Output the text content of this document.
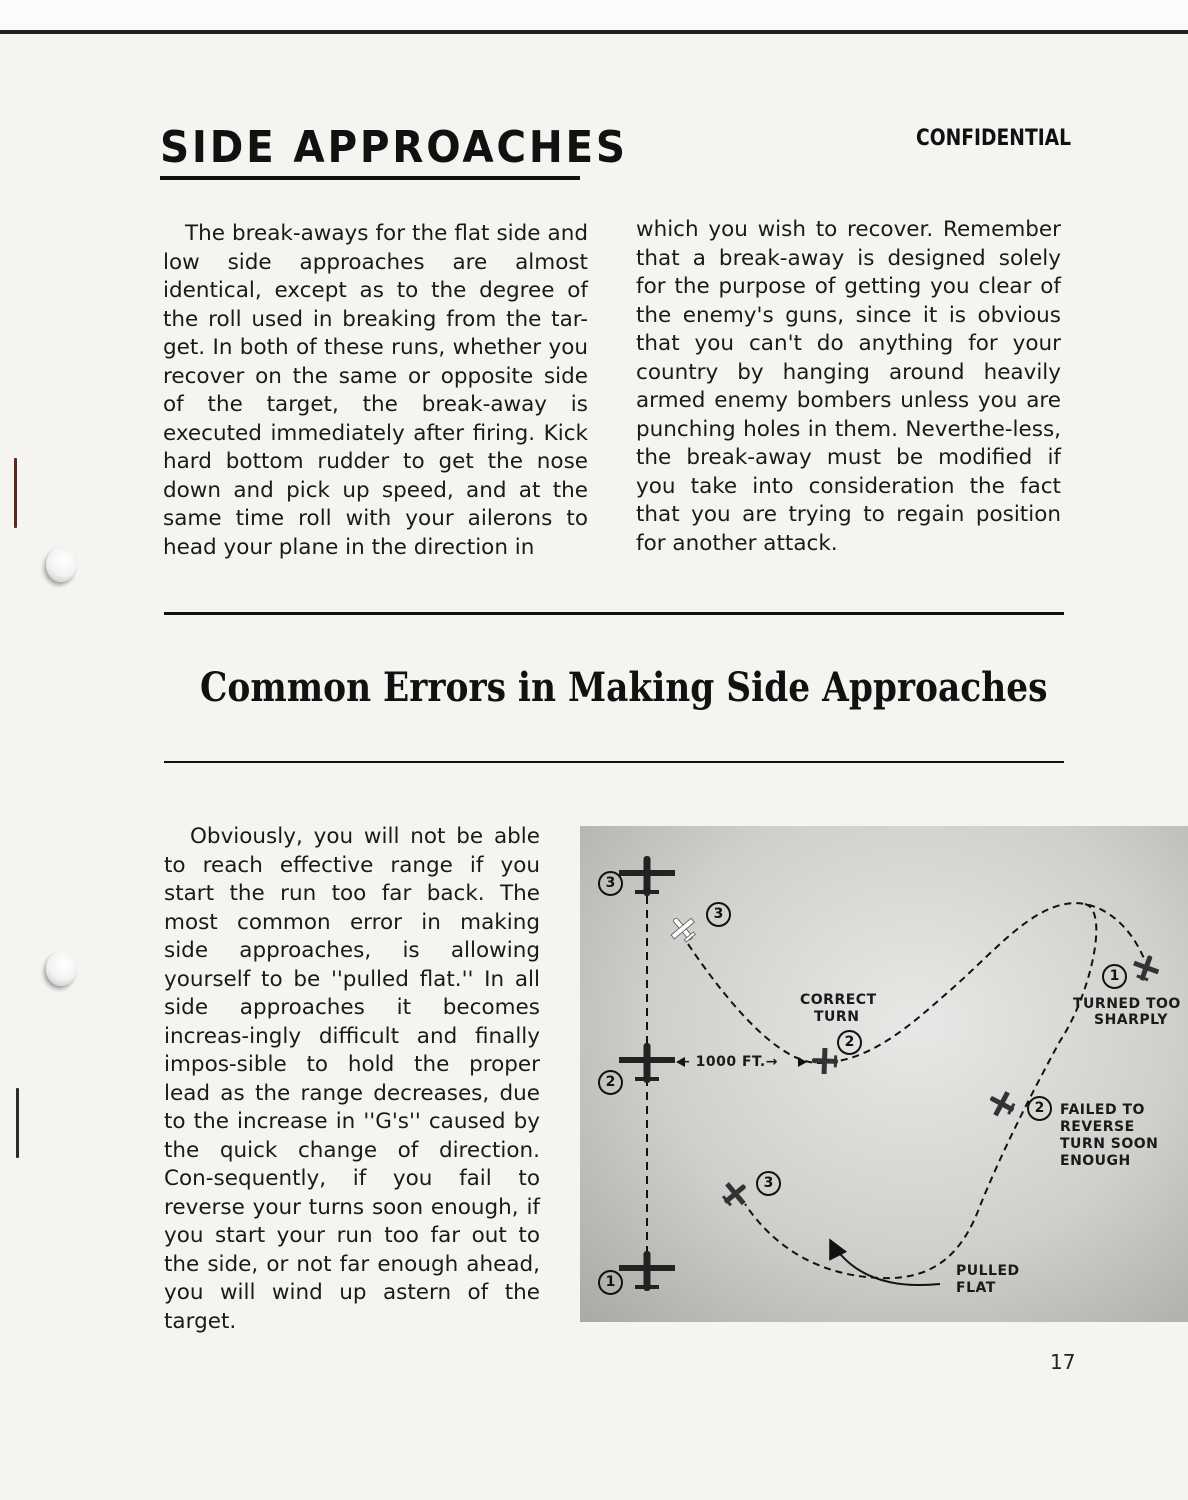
SIDE APPROACHES	CONFIDENTIAL

The break-aways for the flat side and low side approaches are almost identical, except as to the degree of the roll used in breaking from the tar-get. In both of these runs, whether you recover on the same or opposite side of the target, the break-away is executed immediately after firing. Kick hard bottom rudder to get the nose down and pick up speed, and at the same time roll with your ailerons to head your plane in the direction in

which you wish to recover. Remember that a break-away is designed solely for the purpose of getting you clear of the enemy's guns, since it is obvious that you can't do anything for your country by hanging around heavily armed enemy bombers unless you are punching holes in them. Neverthe-less, the break-away must be modified if you take into consideration the fact that you are trying to regain position for another attack.

Common Errors in Making Side Approaches

Obviously, you will not be able to reach effective range if you start the run too far back. The most common error in making side approaches, is allowing yourself to be ''pulled flat.'' In all side approaches it becomes increas-ingly difficult and finally impos-sible to hold the proper lead as the range decreases, due to the increase in ''G's'' caused by the quick change of direction. Con-sequently, if you fail to reverse your turns soon enough, if you start your run too far out to the side, or not far enough ahead, you will wind up astern of the target.

3
2
1
3
2
1
2
3

← 1000 FT.→

CORRECT

TURN

TURNED TOO

SHARPLY

FAILED TO

REVERSE

TURN SOON

ENOUGH

PULLED

FLAT

17
